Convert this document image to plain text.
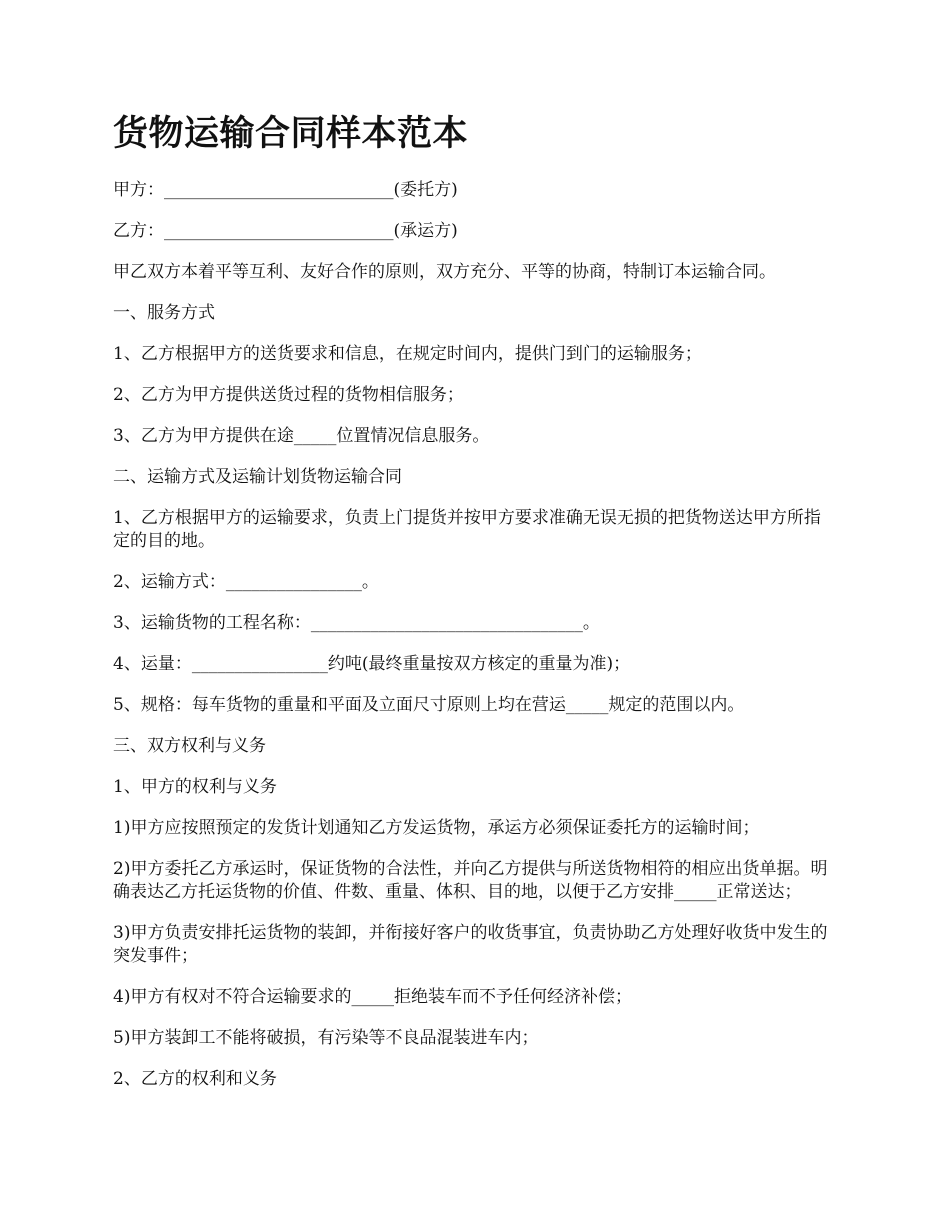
货物运输合同样本范本

甲方：___________________________(委托方)

乙方：___________________________(承运方)

甲乙双方本着平等互利、友好合作的原则，双方充分、平等的协商，特制订本运输合同。

一、服务方式

1、乙方根据甲方的送货要求和信息，在规定时间内，提供门到门的运输服务；

2、乙方为甲方提供送货过程的货物相信服务；

3、乙方为甲方提供在途_____位置情况信息服务。

二、运输方式及运输计划货物运输合同

1、乙方根据甲方的运输要求，负责上门提货并按甲方要求准确无误无损的把货物送达甲方所指定的目的地。

2、运输方式：________________。

3、运输货物的工程名称：________________________________。

4、运量：________________约吨(最终重量按双方核定的重量为准)；

5、规格：每车货物的重量和平面及立面尺寸原则上均在营运_____规定的范围以内。

三、双方权利与义务

1、甲方的权利与义务

1)甲方应按照预定的发货计划通知乙方发运货物，承运方必须保证委托方的运输时间；

2)甲方委托乙方承运时，保证货物的合法性，并向乙方提供与所送货物相符的相应出货单据。明确表达乙方托运货物的价值、件数、重量、体积、目的地，以便于乙方安排_____正常送达；

3)甲方负责安排托运货物的装卸，并衔接好客户的收货事宜，负责协助乙方处理好收货中发生的突发事件；

4)甲方有权对不符合运输要求的_____拒绝装车而不予任何经济补偿；

5)甲方装卸工不能将破损，有污染等不良品混装进车内；

2、乙方的权利和义务
